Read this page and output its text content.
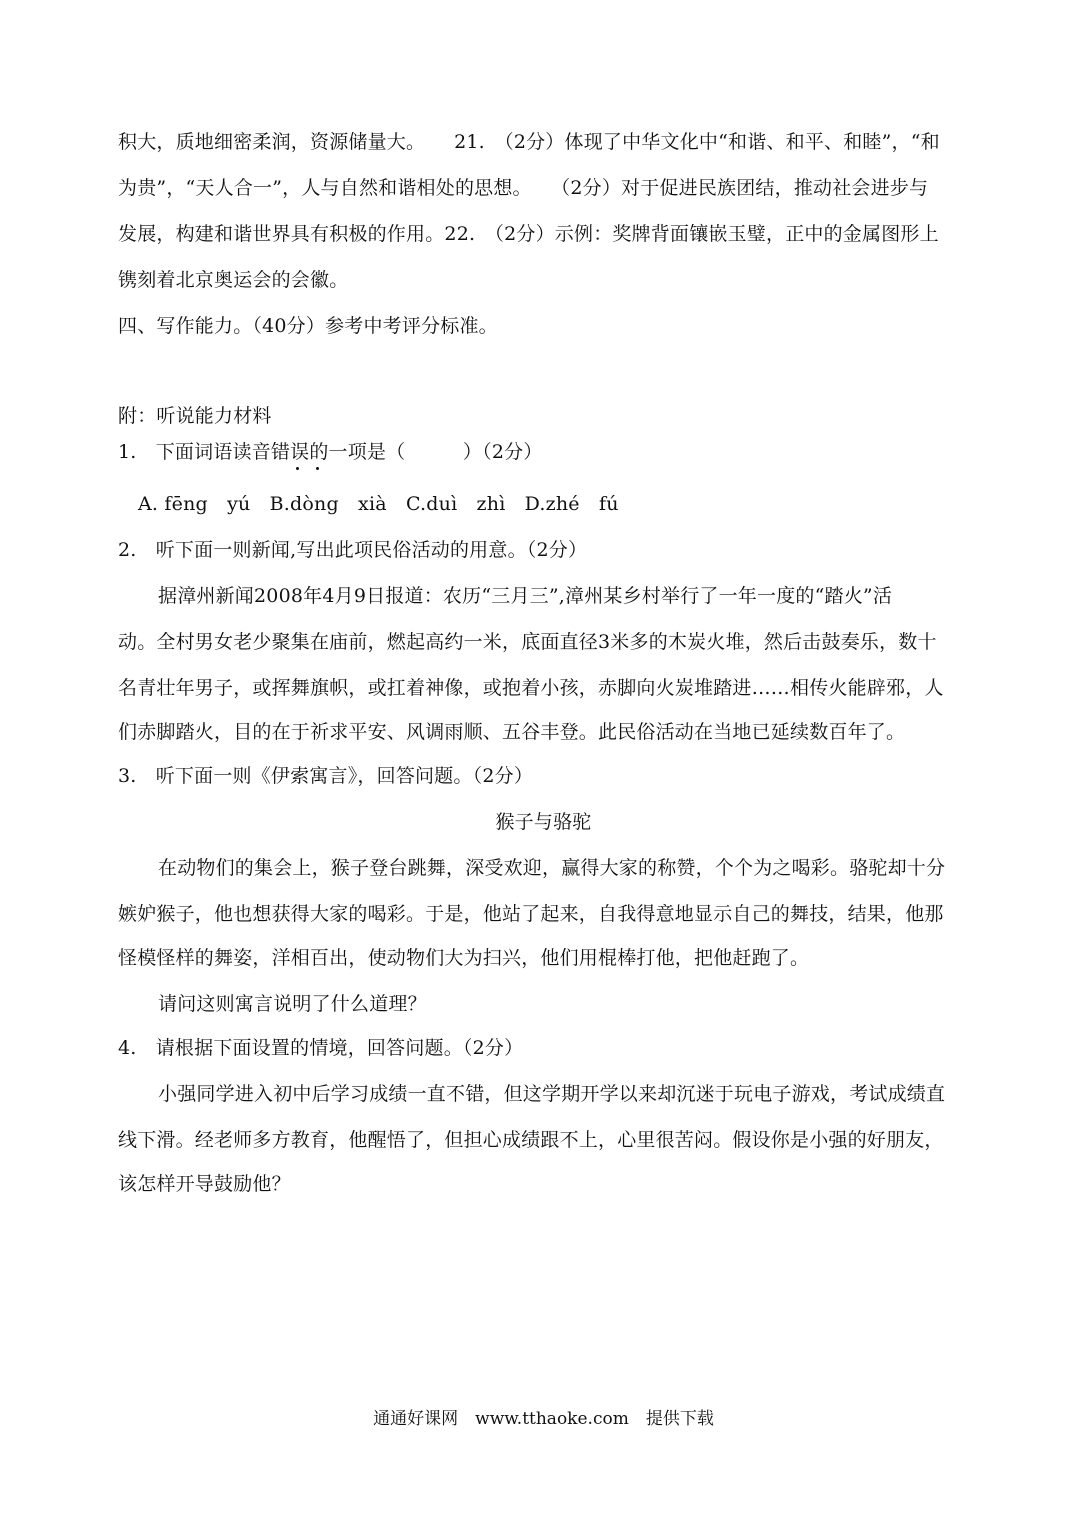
积大，质地细密柔润，资源储量大。　　21.　（2分）体现了中华文化中“和谐、和平、和睦”，“和
为贵”，“天人合一”，人与自然和谐相处的思想。　　（2分）对于促进民族团结，推动社会进步与
发展，构建和谐世界具有积极的作用。22.　（2分）示例：奖牌背面镶嵌玉璧，正中的金属图形上
镌刻着北京奥运会的会徽。
四、写作能力。（40分）参考中考评分标准。
附：听说能力材料
1.　下面词语读音错误的一项是（　　　）（2分）
A. fēng　yú　B.dòng　xià　C.duì　zhì　D.zhé　fú
2.　听下面一则新闻,写出此项民俗活动的用意。（2分）
据漳州新闻2008年4月9日报道：农历“三月三”,漳州某乡村举行了一年一度的“踏火”活
动。全村男女老少聚集在庙前，燃起高约一米，底面直径3米多的木炭火堆，然后击鼓奏乐，数十
名青壮年男子，或挥舞旗帜，或扛着神像，或抱着小孩，赤脚向火炭堆踏进……相传火能辟邪，人
们赤脚踏火，目的在于祈求平安、风调雨顺、五谷丰登。此民俗活动在当地已延续数百年了。
3.　听下面一则《伊索寓言》，回答问题。（2分）
猴子与骆驼
在动物们的集会上，猴子登台跳舞，深受欢迎，赢得大家的称赞，个个为之喝彩。骆驼却十分
嫉妒猴子，他也想获得大家的喝彩。于是，他站了起来，自我得意地显示自己的舞技，结果，他那
怪模怪样的舞姿，洋相百出，使动物们大为扫兴，他们用棍棒打他，把他赶跑了。
请问这则寓言说明了什么道理？
4.　请根据下面设置的情境，回答问题。（2分）
小强同学进入初中后学习成绩一直不错，但这学期开学以来却沉迷于玩电子游戏，考试成绩直
线下滑。经老师多方教育，他醒悟了，但担心成绩跟不上，心里很苦闷。假设你是小强的好朋友，
该怎样开导鼓励他？
通通好课网　www.tthaoke.com　提供下载
